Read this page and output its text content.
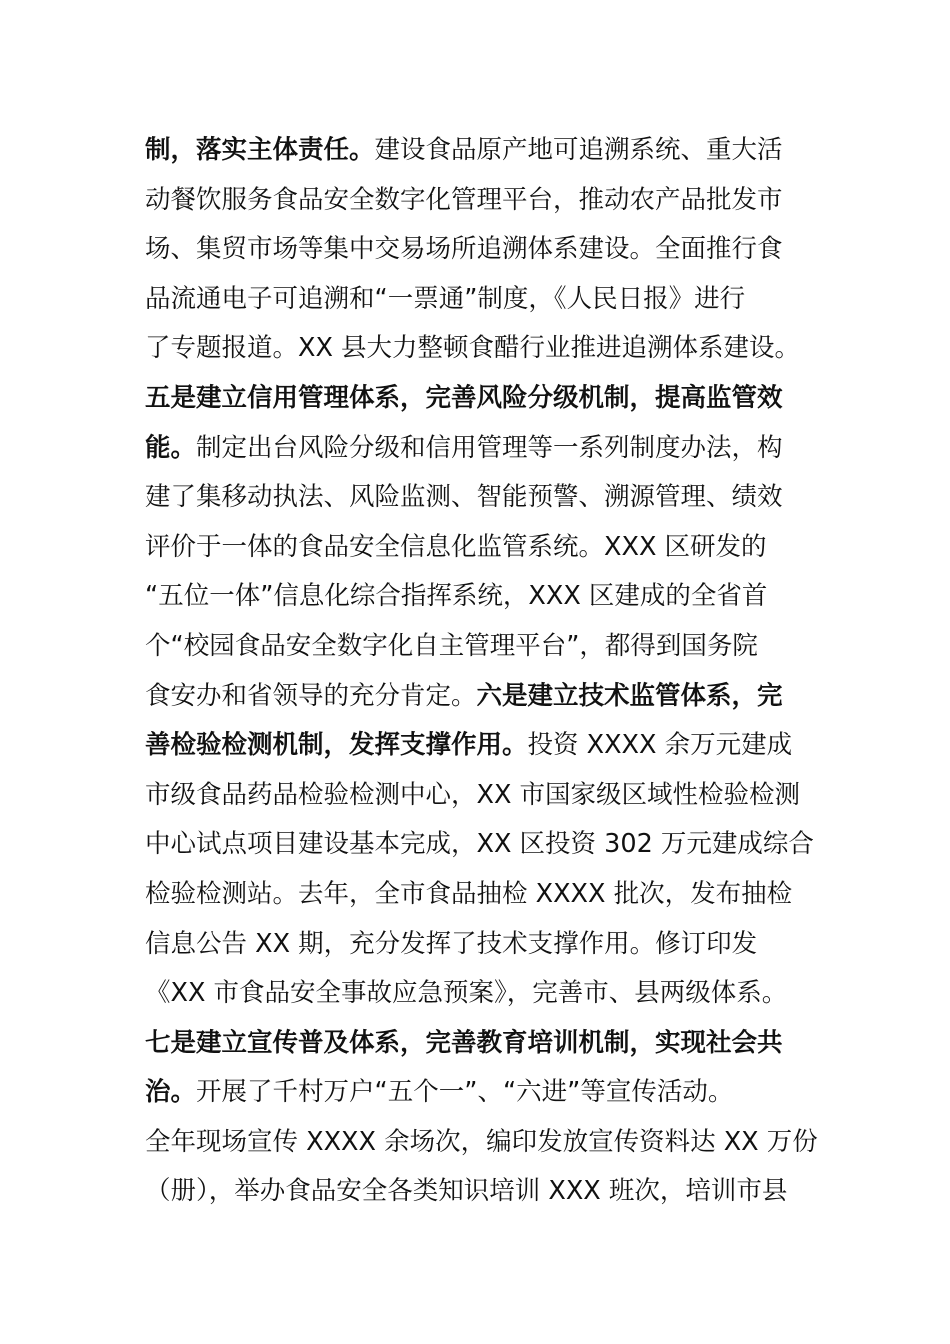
制，落实主体责任。建设食品原产地可追溯系统、重大活
动餐饮服务食品安全数字化管理平台，推动农产品批发市
场、集贸市场等集中交易场所追溯体系建设。全面推行食
品流通电子可追溯和“一票通”制度，《人民日报》进行
了专题报道。XX 县大力整顿食醋行业推进追溯体系建设。
五是建立信用管理体系，完善风险分级机制，提高监管效
能。制定出台风险分级和信用管理等一系列制度办法，构
建了集移动执法、风险监测、智能预警、溯源管理、绩效
评价于一体的食品安全信息化监管系统。XXX 区研发的
“五位一体”信息化综合指挥系统，XXX 区建成的全省首
个“校园食品安全数字化自主管理平台”，都得到国务院
食安办和省领导的充分肯定。六是建立技术监管体系，完
善检验检测机制，发挥支撑作用。投资 XXXX 余万元建成
市级食品药品检验检测中心，XX 市国家级区域性检验检测
中心试点项目建设基本完成，XX 区投资 302 万元建成综合
检验检测站。去年，全市食品抽检 XXXX 批次，发布抽检
信息公告 XX 期，充分发挥了技术支撑作用。修订印发
《XX 市食品安全事故应急预案》，完善市、县两级体系。
七是建立宣传普及体系，完善教育培训机制，实现社会共
治。开展了千村万户“五个一”、“六进”等宣传活动。
全年现场宣传 XXXX 余场次，编印发放宣传资料达 XX 万份
（册），举办食品安全各类知识培训 XXX 班次，培训市县
